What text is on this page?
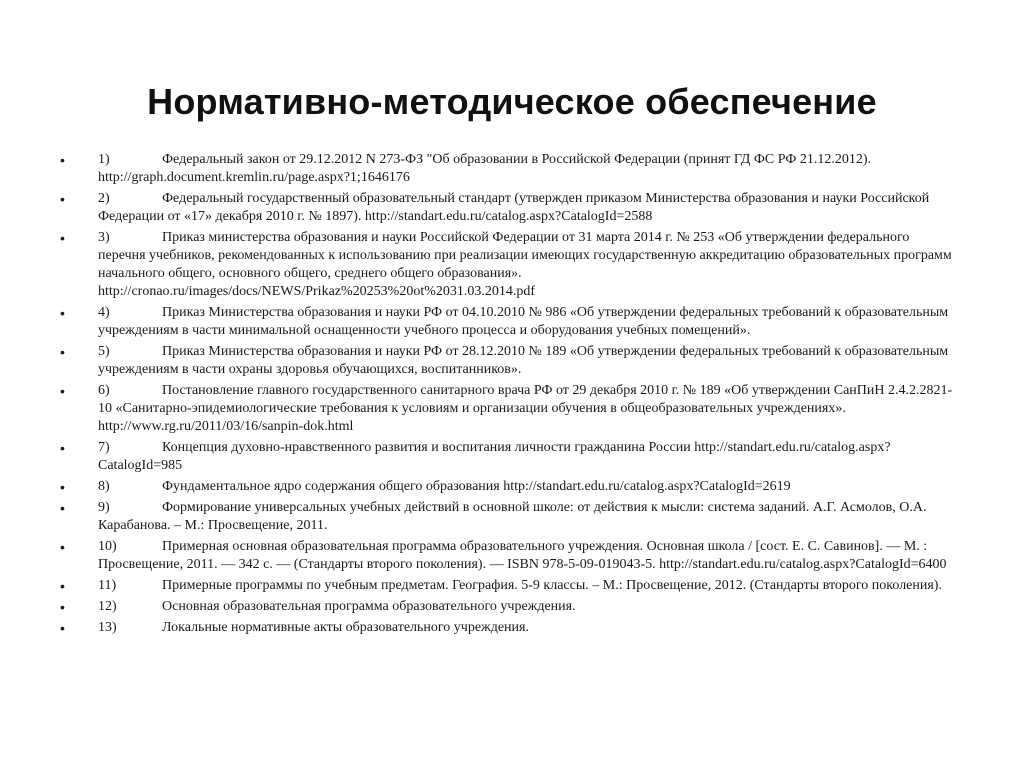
Нормативно-методическое обеспечение
•	1)	Федеральный закон от 29.12.2012 N 273-ФЗ "Об образовании в Российской Федерации (принят ГД ФС РФ 21.12.2012). http://graph.document.kremlin.ru/page.aspx?1;1646176
•	2)	Федеральный государственный образовательный стандарт (утвержден приказом Министерства образования и науки Российской Федерации от «17» декабря 2010 г. № 1897). http://standart.edu.ru/catalog.aspx?CatalogId=2588
•	3)	Приказ министерства образования и науки Российской Федерации от 31 марта 2014 г. № 253 «Об утверждении федерального перечня учебников, рекомендованных к использованию при реализации имеющих государственную аккредитацию образовательных программ начального общего, основного общего, среднего общего образования». http://cronao.ru/images/docs/NEWS/Prikaz%20253%20ot%2031.03.2014.pdf
•	4)	Приказ Министерства образования и науки РФ от 04.10.2010 № 986 «Об утверждении федеральных требований к образовательным учреждениям в части минимальной оснащенности учебного процесса и оборудования учебных помещений».
•	5)	Приказ Министерства образования и науки РФ от 28.12.2010 № 189 «Об утверждении федеральных требований к образовательным учреждениям в части охраны здоровья обучающихся, воспитанников».
•	6)	Постановление главного государственного санитарного врача РФ от 29 декабря 2010 г. № 189 «Об утверждении СанПиН 2.4.2.2821-10 «Санитарно-эпидемиологические требования к условиям и организации обучения в общеобразовательных учреждениях». http://www.rg.ru/2011/03/16/sanpin-dok.html
•	7)	Концепция духовно-нравственного развития и воспитания личности гражданина России http://standart.edu.ru/catalog.aspx?CatalogId=985
•	8)	Фундаментальное ядро содержания общего образования http://standart.edu.ru/catalog.aspx?CatalogId=2619
•	9)	Формирование универсальных учебных действий в основной школе: от действия к мысли: система заданий. А.Г. Асмолов, О.А. Карабанова. – М.: Просвещение, 2011.
•	10)	Примерная основная образовательная программа образовательного учреждения. Основная школа / [сост. Е. С. Савинов]. — М. : Просвещение, 2011. — 342 с. — (Стандарты второго поколения). — ISBN 978-5-09-019043-5. http://standart.edu.ru/catalog.aspx?CatalogId=6400
•	11)	Примерные программы по учебным предметам. География. 5-9 классы. – М.: Просвещение, 2012. (Стандарты второго поколения).
•	12)	Основная образовательная программа образовательного учреждения.
•	13)	Локальные нормативные акты образовательного учреждения.
